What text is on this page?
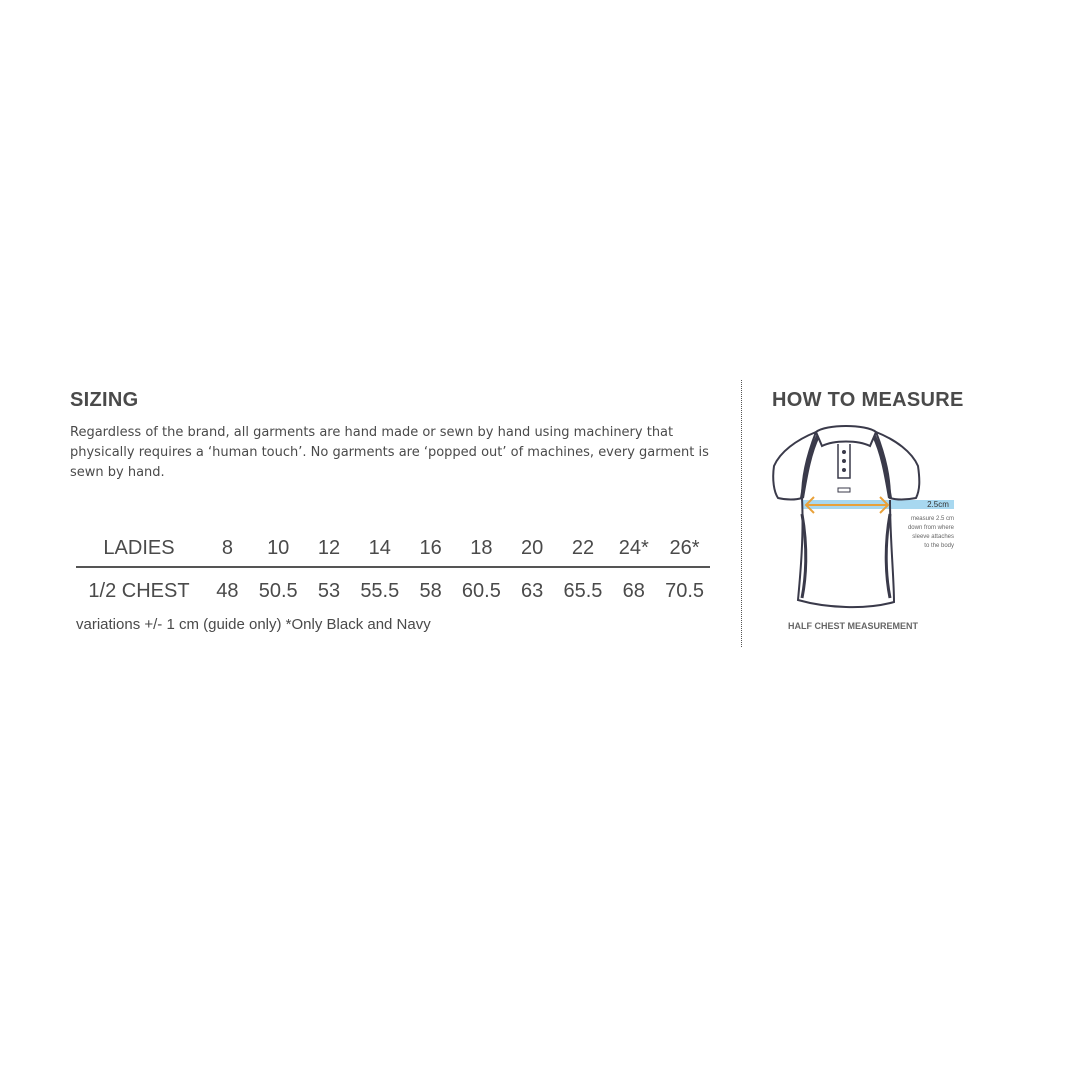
SIZING

Regardless of the brand, all garments are hand made or sewn by hand using machinery that physically requires a ‘human touch’. No garments are ‘popped out’ of machines, every garment is sewn by hand.

LADIES	8	10	12	14	16	18	20	22	24*	26*
1/2 CHEST	48	50.5	53	55.5	58	60.5	63	65.5	68	70.5

variations +/- 1 cm (guide only) *Only Black and Navy

HOW TO MEASURE
2.5cm
measure 2.5 cm
down from where
sleeve attaches
to the body

HALF CHEST MEASUREMENT
